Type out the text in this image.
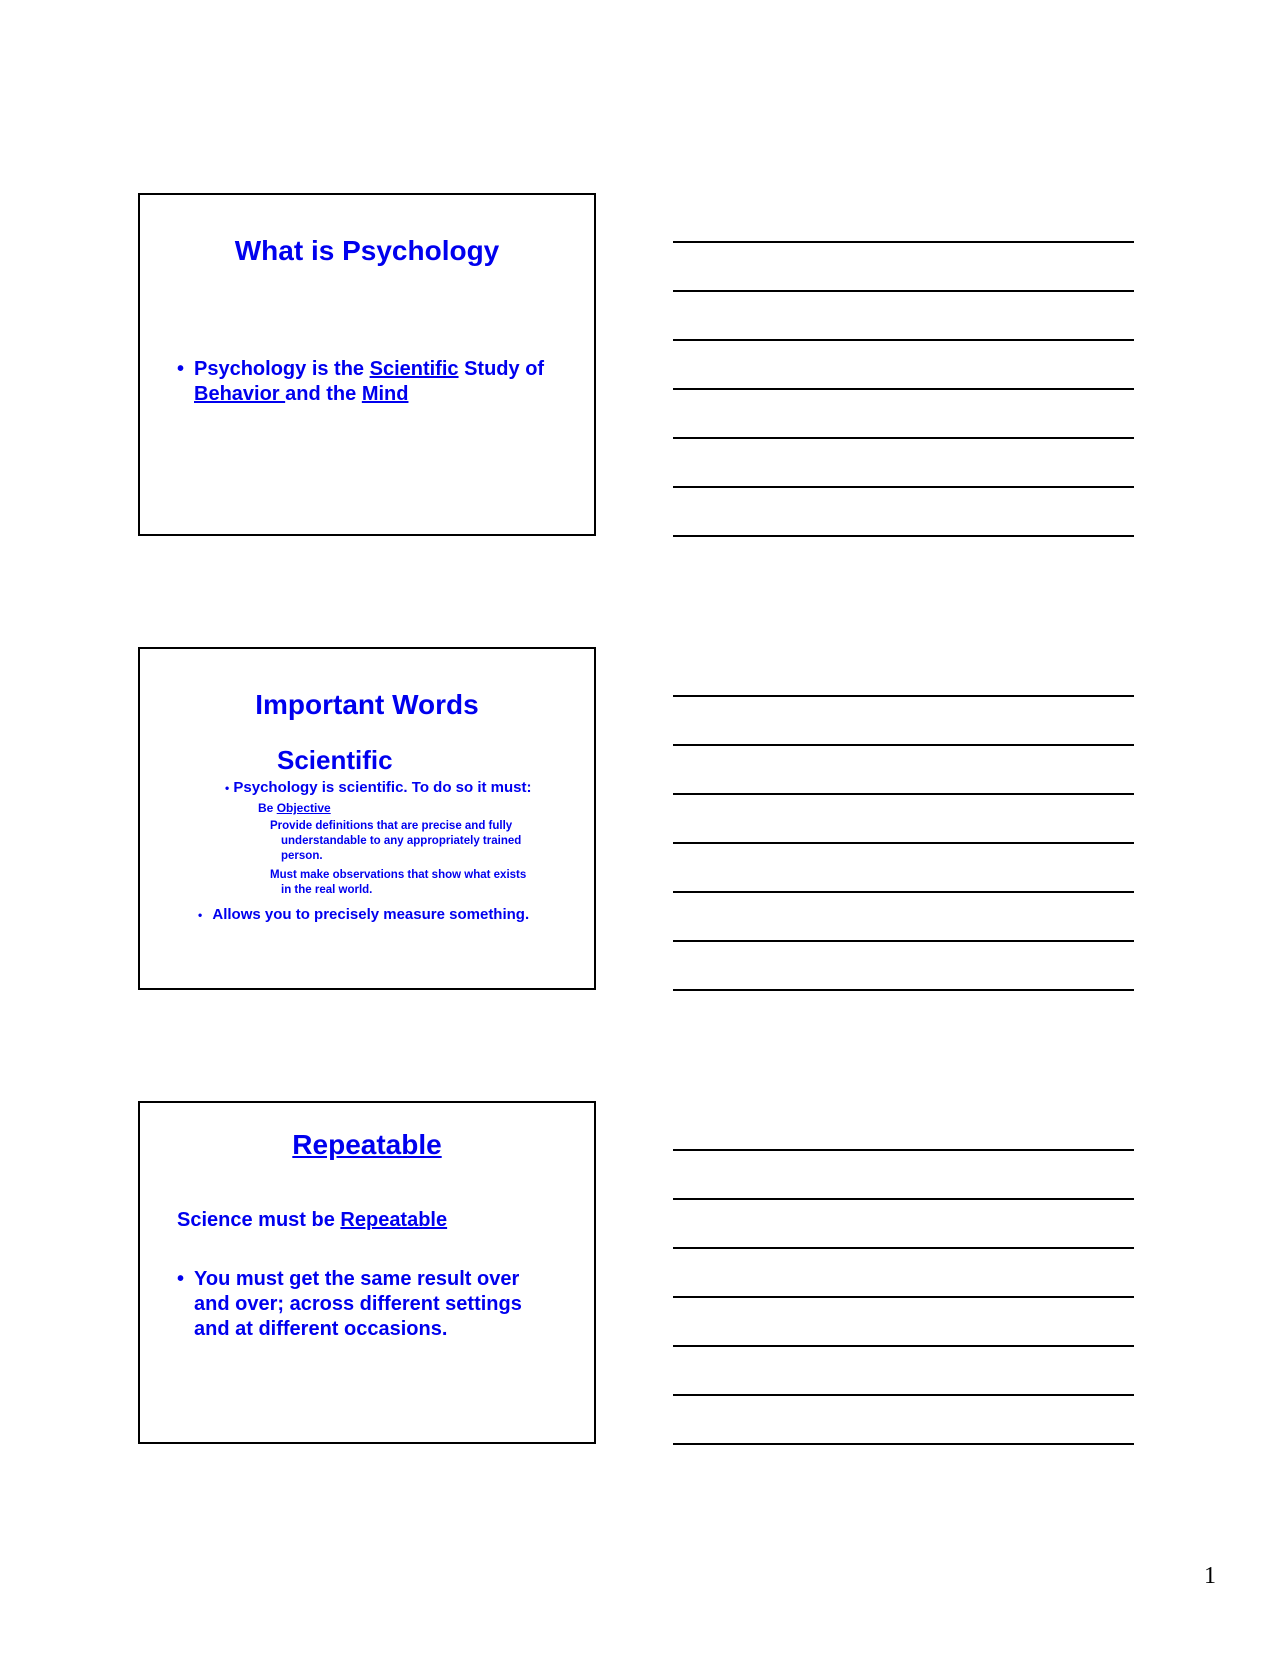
What is Psychology
• Psychology is the Scientific Study of
Behavior and the Mind
Important Words
Scientific
• Psychology is scientific. To do so it must:
Be Objective
Provide definitions that are precise and fully
understandable to any appropriately trained
person.
Must make observations that show what exists
in the real world.
• Allows you to precisely measure something.
Repeatable
Science must be Repeatable
• You must get the same result over
and over; across different settings
and at different occasions.
1
